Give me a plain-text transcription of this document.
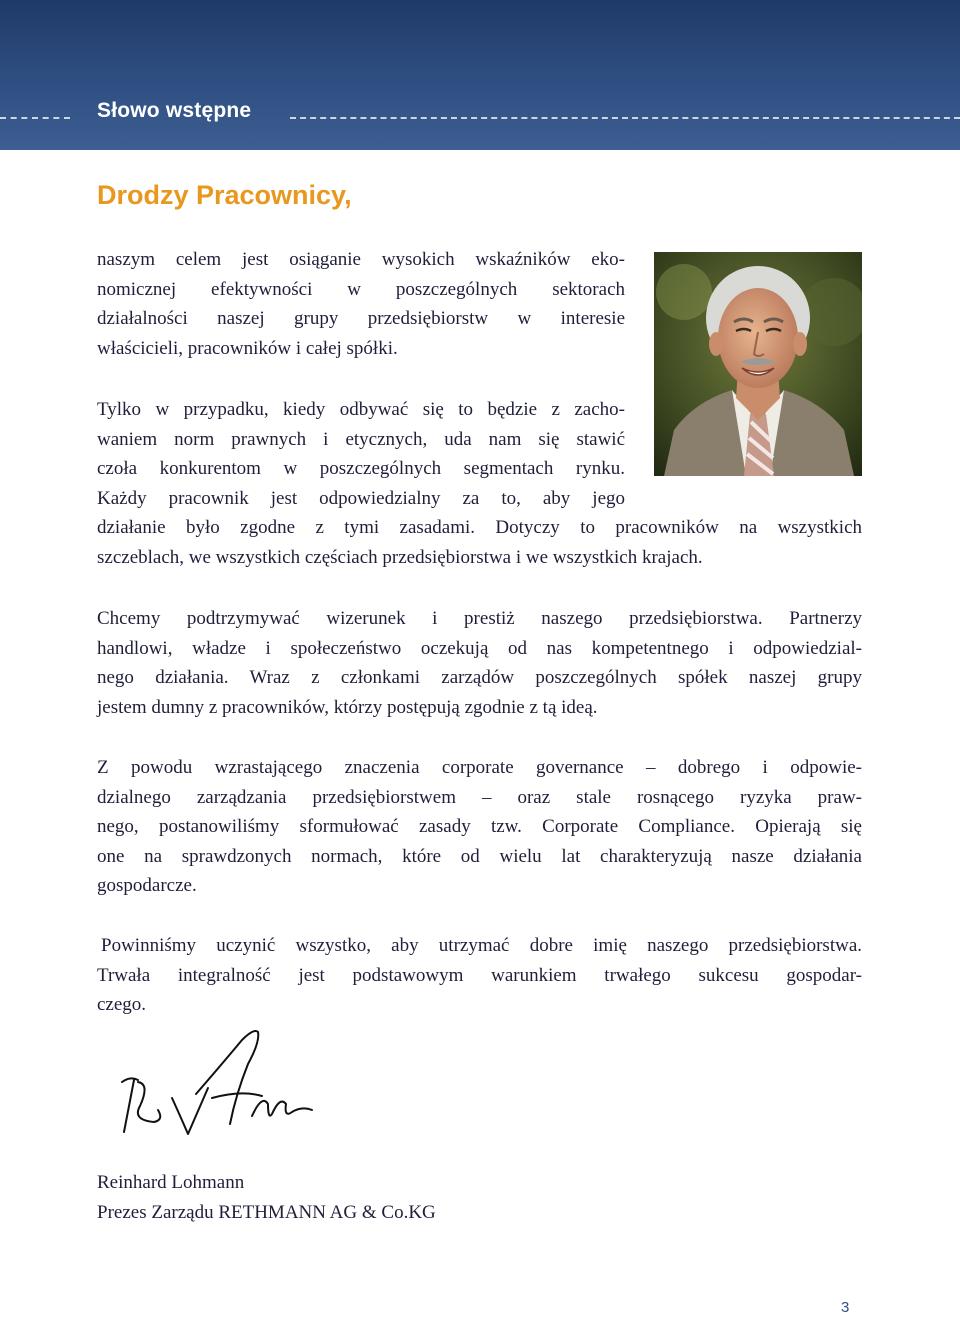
Słowo wstępne
Drodzy Pracownicy,
naszym celem jest osiąganie wysokich wskaźników eko-
nomicznej efektywności w poszczególnych sektorach
działalności naszej grupy przedsiębiorstw w interesie
właścicieli, pracowników i całej spółki.
Tylko w przypadku, kiedy odbywać się to będzie z zacho-
waniem norm prawnych i etycznych, uda nam się stawić
czoła konkurentom w poszczególnych segmentach rynku.
Każdy pracownik jest odpowiedzialny za to, aby jego
działanie było zgodne z tymi zasadami. Dotyczy to pracowników na wszystkich
szczeblach, we wszystkich częściach przedsiębiorstwa i we wszystkich krajach.
Chcemy podtrzymywać wizerunek i prestiż naszego przedsiębiorstwa. Partnerzy
handlowi, władze i społeczeństwo oczekują od nas kompetentnego i odpowiedzial-
nego działania. Wraz z członkami zarządów poszczególnych spółek naszej grupy
jestem dumny z pracowników, którzy postępują zgodnie z tą ideą.
Z powodu wzrastającego znaczenia corporate governance – dobrego i odpowie-
dzialnego zarządzania przedsiębiorstwem – oraz stale rosnącego ryzyka praw-
nego, postanowiliśmy sformułować zasady tzw. Corporate Compliance. Opierają się
one na sprawdzonych normach, które od wielu lat charakteryzują nasze działania
gospodarcze.
Powinniśmy uczynić wszystko, aby utrzymać dobre imię naszego przedsiębiorstwa.
Trwała integralność jest podstawowym warunkiem trwałego sukcesu gospodar-
czego.
Reinhard Lohmann
Prezes Zarządu RETHMANN AG & Co.KG
3
